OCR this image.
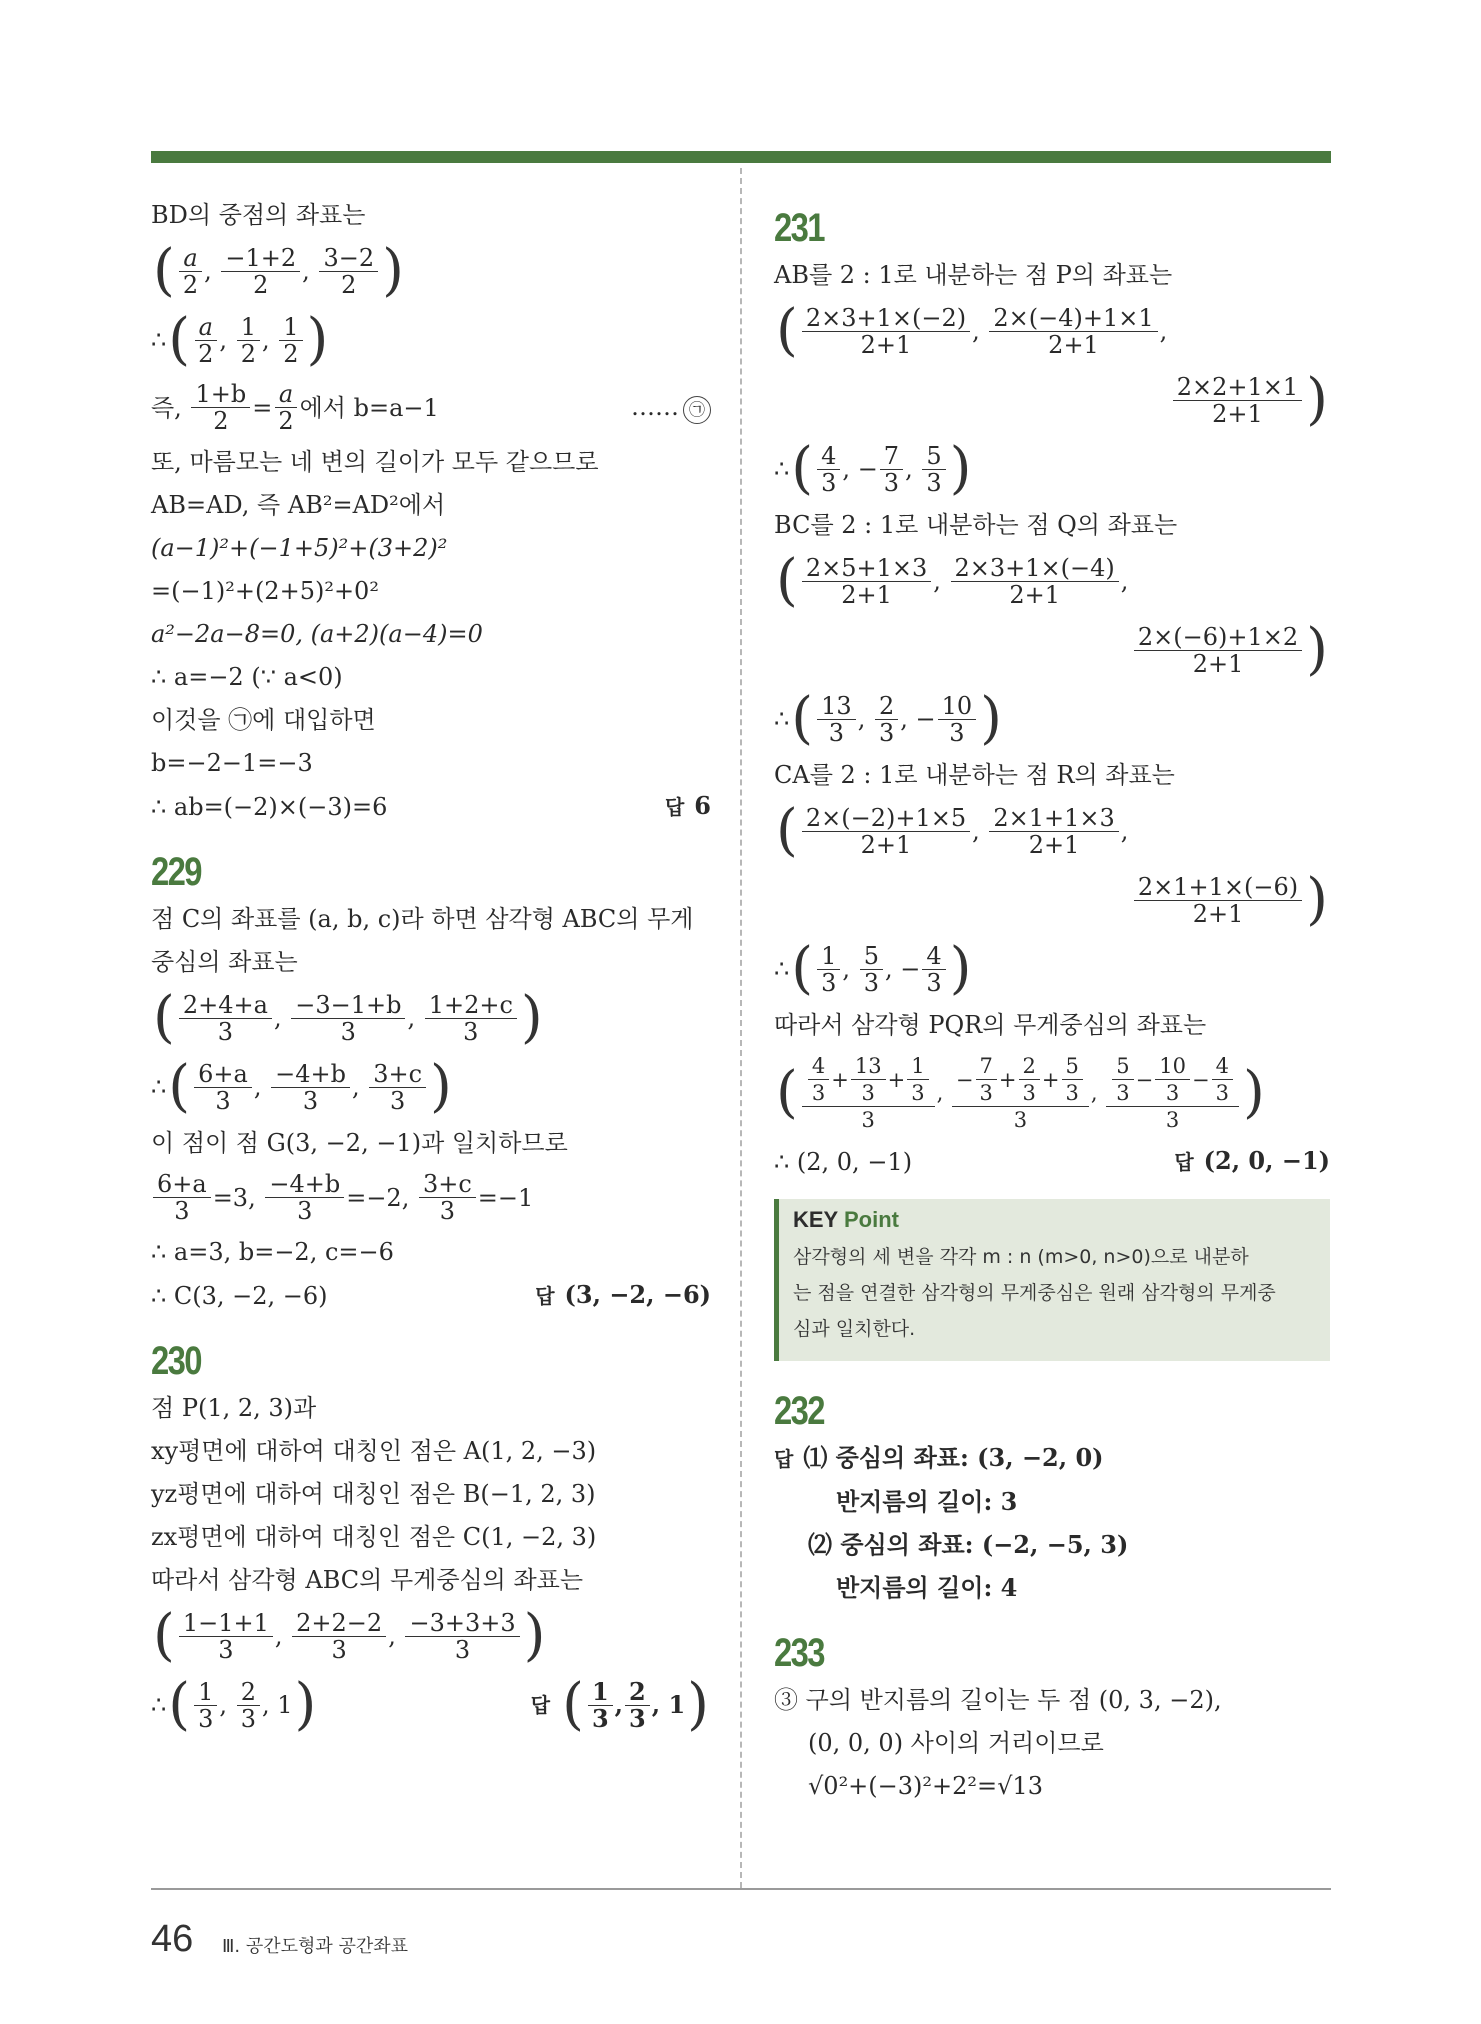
BD의 중점의 좌표는
( $\frac{a}{2}$ , $\frac{-1+2}{2}$ , $\frac{3-2}{2}$ )
∴ ( $\frac{a}{2}$ , $\frac{1}{2}$ , $\frac{1}{2}$ )
즉,
$\frac{1+b}{2} = \frac{a}{2}$ 에서 b=a−1	…… ㉠
또, 마름모는 네 변의 길이가 모두 같으므로
AB=AD, 즉 AB²=AD²에서
(a−1)²+(−1+5)²+(3+2)²
=(−1)²+(2+5)²+0²
a²−2a−8=0, (a+2)(a−4)=0
∴ a=−2 (∵ a<0)
이것을 ㉠에 대입하면
b=−2−1=−3
∴ ab=(−2)×(−3)=6	답 6
229
점 C의 좌표를 (a, b, c)라 하면 삼각형 ABC의 무게
중심의 좌표는
( $\frac{2+4+a}{3}$ , $\frac{-3-1+b}{3}$ , $\frac{1+2+c}{3}$ )
∴ ( $\frac{6+a}{3}$ , $\frac{-4+b}{3}$ , $\frac{3+c}{3}$ )
이 점이 점 G(3, −2, −1)과 일치하므로
$\frac{6+a}{3} =3$,
$\frac{-4+b}{3} =-2$,
$\frac{3+c}{3} =-1$
∴ a=3, b=−2, c=−6
∴ C(3, −2, −6)	답 (3, −2, −6)
230
점 P(1, 2, 3)과
xy평면에 대하여 대칭인 점은 A(1, 2, −3)
yz평면에 대하여 대칭인 점은 B(−1, 2, 3)
zx평면에 대하여 대칭인 점은 C(1, −2, 3)
따라서 삼각형 ABC의 무게중심의 좌표는
( $\frac{1-1+1}{3}$ , $\frac{2+2-2}{3}$ , $\frac{-3+3+3}{3}$ )
∴ ( $\frac{1}{3}$ , $\frac{2}{3}$ , 1 )	답 ( $\frac{1}{3}$ , $\frac{2}{3}$ , 1 )
231
AB를 2 : 1로 내분하는 점 P의 좌표는
( $\frac{2\times 3+1\times(-2)}{2+1}$ , $\frac{2\times(-4)+1\times 1}{2+1}$ ,
$\frac{2\times 2+1\times 1}{2+1}$ )
∴ ( $\frac{4}{3}$ , − $\frac{7}{3}$ , $\frac{5}{3}$ )
BC를 2 : 1로 내분하는 점 Q의 좌표는
( $\frac{2\times 5+1\times 3}{2+1}$ , $\frac{2\times 3+1\times(-4)}{2+1}$ ,
$\frac{2\times(-6)+1\times 2}{2+1}$ )
∴ ( $\frac{13}{3}$ , $\frac{2}{3}$ , − $\frac{10}{3}$ )
CA를 2 : 1로 내분하는 점 R의 좌표는
( $\frac{2\times(-2)+1\times 5}{2+1}$ , $\frac{2\times 1+1\times 3}{2+1}$ ,
$\frac{2\times 1+1\times(-6)}{2+1}$ )
∴ ( $\frac{1}{3}$ , $\frac{5}{3}$ , − $\frac{4}{3}$ )
따라서 삼각형 PQR의 무게중심의 좌표는
( $\frac{\frac{4}{3} + \frac{13}{3} + \frac{1}{3}}{3}$ , $\frac{- \frac{7}{3} + \frac{2}{3} + \frac{5}{3}}{3}$ , $\frac{\frac{5}{3} - \frac{10}{3} - \frac{4}{3}}{3}$ )
∴ (2, 0, −1)	답 (2, 0, −1)
KEY Point
삼각형의 세 변을 각각 m : n (m>0, n>0)으로 내분하
는 점을 연결한 삼각형의 무게중심은 원래 삼각형의 무게중
심과 일치한다.
232
답 ⑴ 중심의 좌표: (3, −2, 0)
반지름의 길이: 3
⑵ 중심의 좌표: (−2, −5, 3)
반지름의 길이: 4
233
③ 구의 반지름의 길이는 두 점 (0, 3, −2),
(0, 0, 0) 사이의 거리이므로
√0²+(−3)²+2²=√13
46 Ⅲ. 공간도형과 공간좌표
